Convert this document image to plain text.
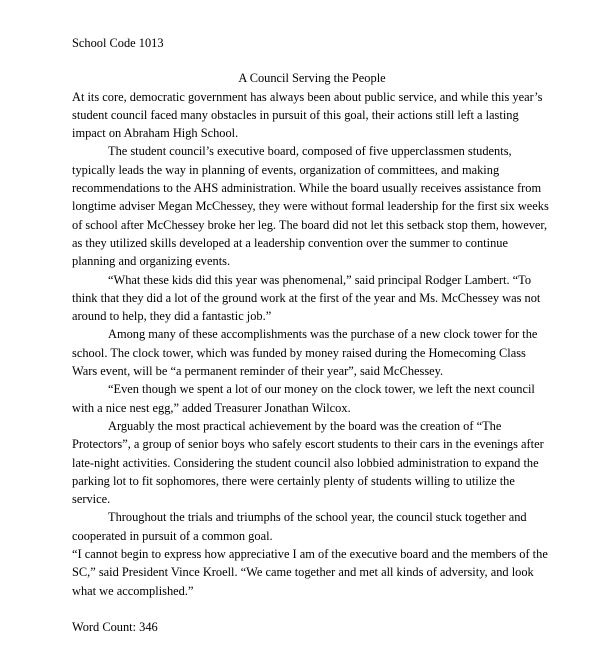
School Code 1013

A Council Serving the People

At its core, democratic government has always been about public service, and while this year’s student council faced many obstacles in pursuit of this goal, their actions still left a lasting impact on Abraham High School.

The student council’s executive board, composed of five upperclassmen students, typically leads the way in planning of events, organization of committees, and making recommendations to the AHS administration. While the board usually receives assistance from longtime adviser Megan McChessey, they were without formal leadership for the first six weeks of school after McChessey broke her leg. The board did not let this setback stop them, however, as they utilized skills developed at a leadership convention over the summer to continue planning and organizing events.

“What these kids did this year was phenomenal,” said principal Rodger Lambert. “To think that they did a lot of the ground work at the first of the year and Ms. McChessey was not around to help, they did a fantastic job.”

Among many of these accomplishments was the purchase of a new clock tower for the school. The clock tower, which was funded by money raised during the Homecoming Class Wars event, will be “a permanent reminder of their year”, said McChessey.

“Even though we spent a lot of our money on the clock tower, we left the next council with a nice nest egg,” added Treasurer Jonathan Wilcox.

Arguably the most practical achievement by the board was the creation of “The Protectors”, a group of senior boys who safely escort students to their cars in the evenings after late-night activities. Considering the student council also lobbied administration to expand the parking lot to fit sophomores, there were certainly plenty of students willing to utilize the service.

Throughout the trials and triumphs of the school year, the council stuck together and cooperated in pursuit of a common goal.

“I cannot begin to express how appreciative I am of the executive board and the members of the SC,” said President Vince Kroell. “We came together and met all kinds of adversity, and look what we accomplished.”

Word Count: 346
